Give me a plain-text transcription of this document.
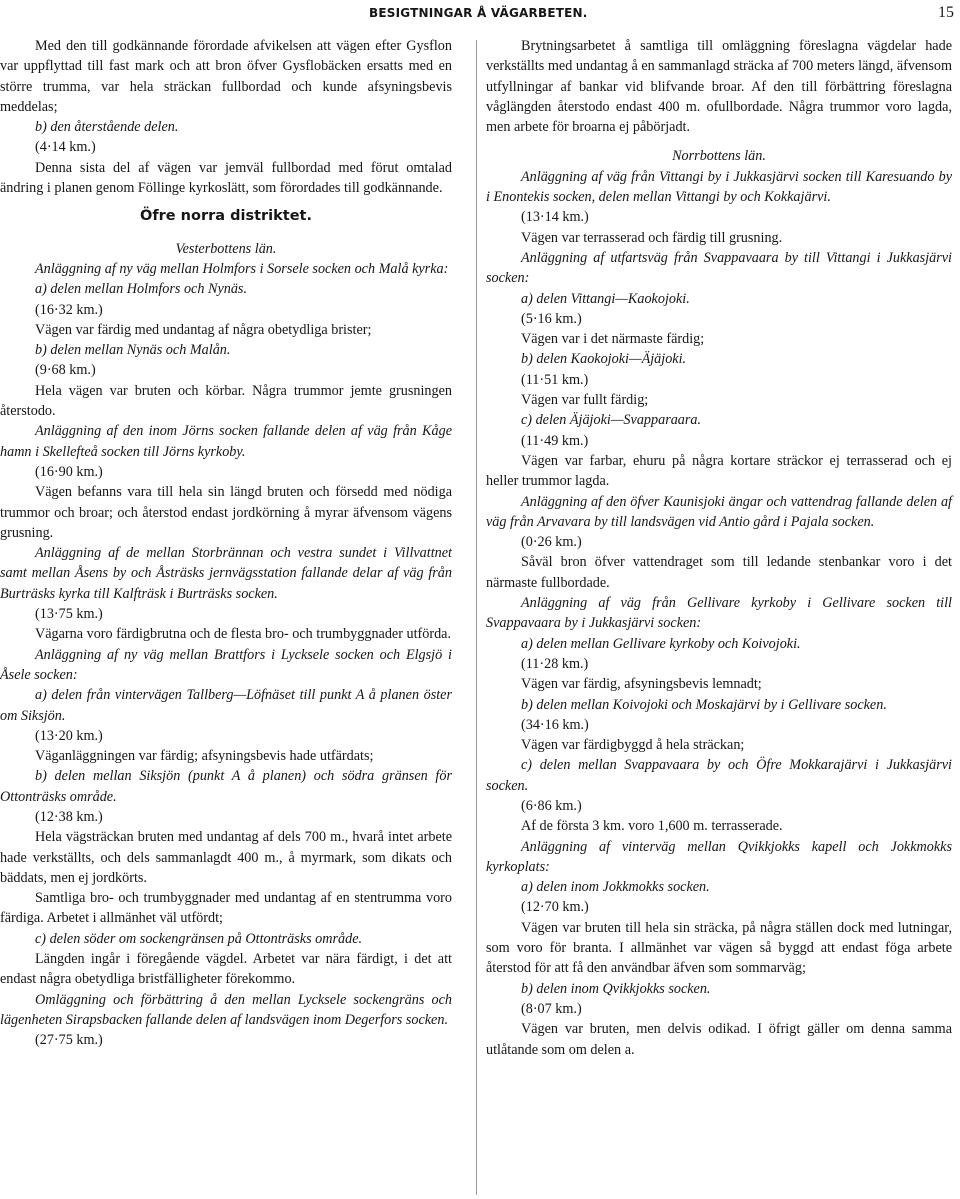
BESIGTNINGAR Å VÄGARBETEN.	15

Med den till godkännande förordade afvikelsen att vägen efter Gysflon var uppflyttad till fast mark och att bron öfver Gysflobäcken ersatts med en större trumma, var hela sträckan fullbordad och kunde afsyningsbevis meddelas;

b) den återstående delen.

(4·14 km.)

Denna sista del af vägen var jemväl fullbordad med förut omtalad ändring i planen genom Föllinge kyrkoslätt, som förordades till godkännande.

Öfre norra distriktet.

Vesterbottens län.

Anläggning af ny väg mellan Holmfors i Sorsele socken och Malå kyrka:

a) delen mellan Holmfors och Nynäs.

(16·32 km.)

Vägen var färdig med undantag af några obetydliga brister;

b) delen mellan Nynäs och Malån.

(9·68 km.)

Hela vägen var bruten och körbar. Några trummor jemte grusningen återstodo.

Anläggning af den inom Jörns socken fallande delen af väg från Kåge hamn i Skellefteå socken till Jörns kyrkoby.

(16·90 km.)

Vägen befanns vara till hela sin längd bruten och försedd med nödiga trummor och broar; och återstod endast jordkörning å myrar äfvensom vägens grusning.

Anläggning af de mellan Storbrännan och vestra sundet i Villvattnet samt mellan Åsens by och Åsträsks jernvägsstation fallande delar af väg från Burträsks kyrka till Kalfträsk i Burträsks socken.

(13·75 km.)

Vägarna voro färdigbrutna och de flesta bro- och trumbyggnader utförda.

Anläggning af ny väg mellan Brattfors i Lycksele socken och Elgsjö i Åsele socken:

a) delen från vintervägen Tallberg—Löfnäset till punkt A å planen öster om Siksjön.

(13·20 km.)

Väganläggningen var färdig; afsyningsbevis hade utfärdats;

b) delen mellan Siksjön (punkt A å planen) och södra gränsen för Ottonträsks område.

(12·38 km.)

Hela vägsträckan bruten med undantag af dels 700 m., hvarå intet arbete hade verkställts, och dels sammanlagdt 400 m., å myrmark, som dikats och bäddats, men ej jordkörts.

Samtliga bro- och trumbyggnader med undantag af en stentrumma voro färdiga. Arbetet i allmänhet väl utfördt;

c) delen söder om sockengränsen på Ottonträsks område.

Längden ingår i föregående vägdel. Arbetet var nära färdigt, i det att endast några obetydliga bristfälligheter förekommo.

Omläggning och förbättring å den mellan Lycksele sockengräns och lägenheten Sirapsbacken fallande delen af landsvägen inom Degerfors socken.

(27·75 km.)

Brytningsarbetet å samtliga till omläggning föreslagna vägdelar hade verkställts med undantag å en sammanlagd sträcka af 700 meters längd, äfvensom utfyllningar af bankar vid blifvande broar. Af den till förbättring föreslagna våglängden återstodo endast 400 m. ofullbordade. Några trummor voro lagda, men arbete för broarna ej påbörjadt.

Norrbottens län.

Anläggning af väg från Vittangi by i Jukkasjärvi socken till Karesuando by i Enontekis socken, delen mellan Vittangi by och Kokkajärvi.

(13·14 km.)

Vägen var terrasserad och färdig till grusning.

Anläggning af utfartsväg från Svappavaara by till Vittangi i Jukkasjärvi socken:

a) delen Vittangi—Kaokojoki.

(5·16 km.)

Vägen var i det närmaste färdig;

b) delen Kaokojoki—Äjäjoki.

(11·51 km.)

Vägen var fullt färdig;

c) delen Äjäjoki—Svapparaara.

(11·49 km.)

Vägen var farbar, ehuru på några kortare sträckor ej terrasserad och ej heller trummor lagda.

Anläggning af den öfver Kaunisjoki ängar och vattendrag fallande delen af väg från Arvavara by till landsvägen vid Antio gård i Pajala socken.

(0·26 km.)

Såväl bron öfver vattendraget som till ledande stenbankar voro i det närmaste fullbordade.

Anläggning af väg från Gellivare kyrkoby i Gellivare socken till Svappavaara by i Jukkasjärvi socken:

a) delen mellan Gellivare kyrkoby och Koivojoki.

(11·28 km.)

Vägen var färdig, afsyningsbevis lemnadt;

b) delen mellan Koivojoki och Moskajärvi by i Gellivare socken.

(34·16 km.)

Vägen var färdigbyggd å hela sträckan;

c) delen mellan Svappavaara by och Öfre Mokkarajärvi i Jukkasjärvi socken.

(6·86 km.)

Af de första 3 km. voro 1,600 m. terrasserade.

Anläggning af vinterväg mellan Qvikkjokks kapell och Jokkmokks kyrkoplats:

a) delen inom Jokkmokks socken.

(12·70 km.)

Vägen var bruten till hela sin sträcka, på några ställen dock med lutningar, som voro för branta. I allmänhet var vägen så byggd att endast föga arbete återstod för att få den användbar äfven som sommarväg;

b) delen inom Qvikkjokks socken.

(8·07 km.)

Vägen var bruten, men delvis odikad. I öfrigt gäller om denna samma utlåtande som om delen a.
